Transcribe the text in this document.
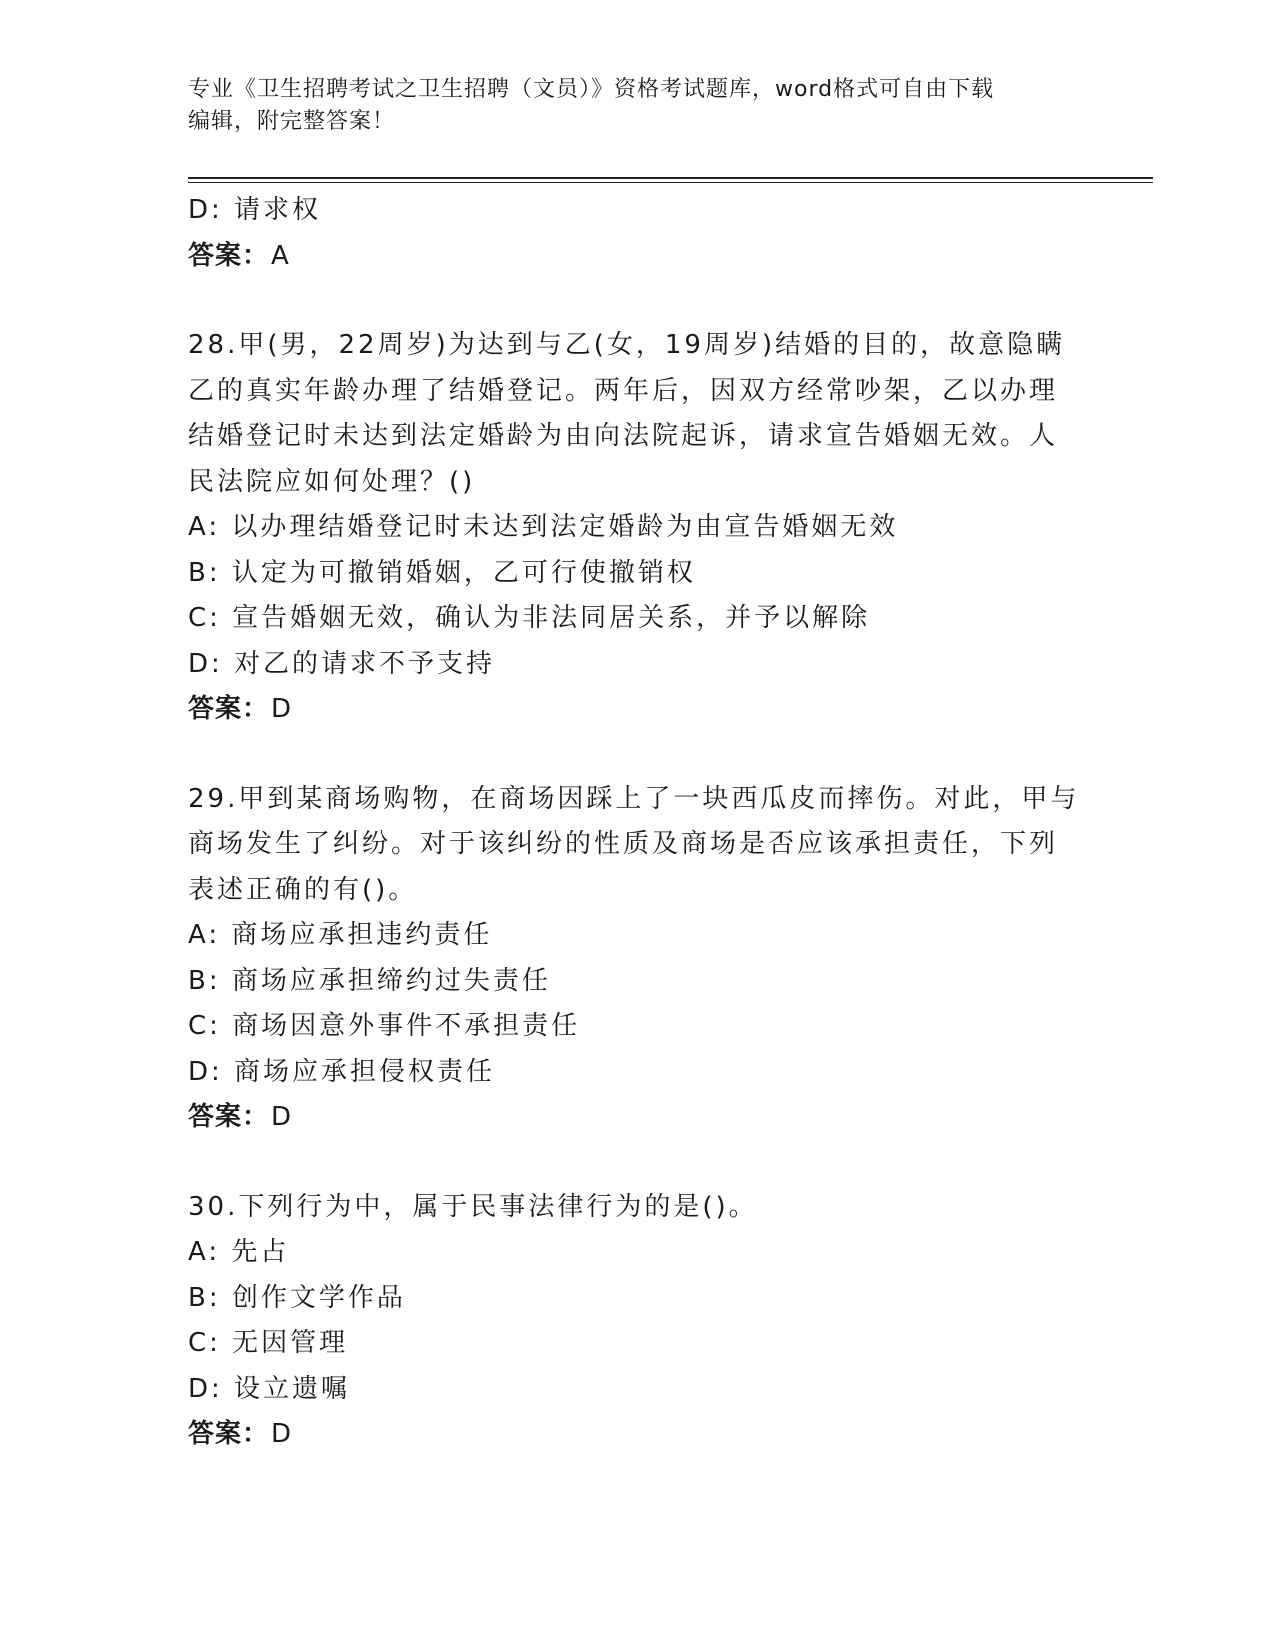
专业《卫生招聘考试之卫生招聘（文员）》资格考试题库，word格式可自由下载
编辑，附完整答案！
D: 请求权
答案：A
28.甲(男，22周岁)为达到与乙(女，19周岁)结婚的目的，故意隐瞒
乙的真实年龄办理了结婚登记。两年后，因双方经常吵架，乙以办理
结婚登记时未达到法定婚龄为由向法院起诉，请求宣告婚姻无效。人
民法院应如何处理？()
A: 以办理结婚登记时未达到法定婚龄为由宣告婚姻无效
B: 认定为可撤销婚姻，乙可行使撤销权
C: 宣告婚姻无效，确认为非法同居关系，并予以解除
D: 对乙的请求不予支持
答案：D
29.甲到某商场购物，在商场因踩上了一块西瓜皮而摔伤。对此，甲与
商场发生了纠纷。对于该纠纷的性质及商场是否应该承担责任，下列
表述正确的有()。
A: 商场应承担违约责任
B: 商场应承担缔约过失责任
C: 商场因意外事件不承担责任
D: 商场应承担侵权责任
答案：D
30.下列行为中，属于民事法律行为的是()。
A: 先占
B: 创作文学作品
C: 无因管理
D: 设立遗嘱
答案：D
